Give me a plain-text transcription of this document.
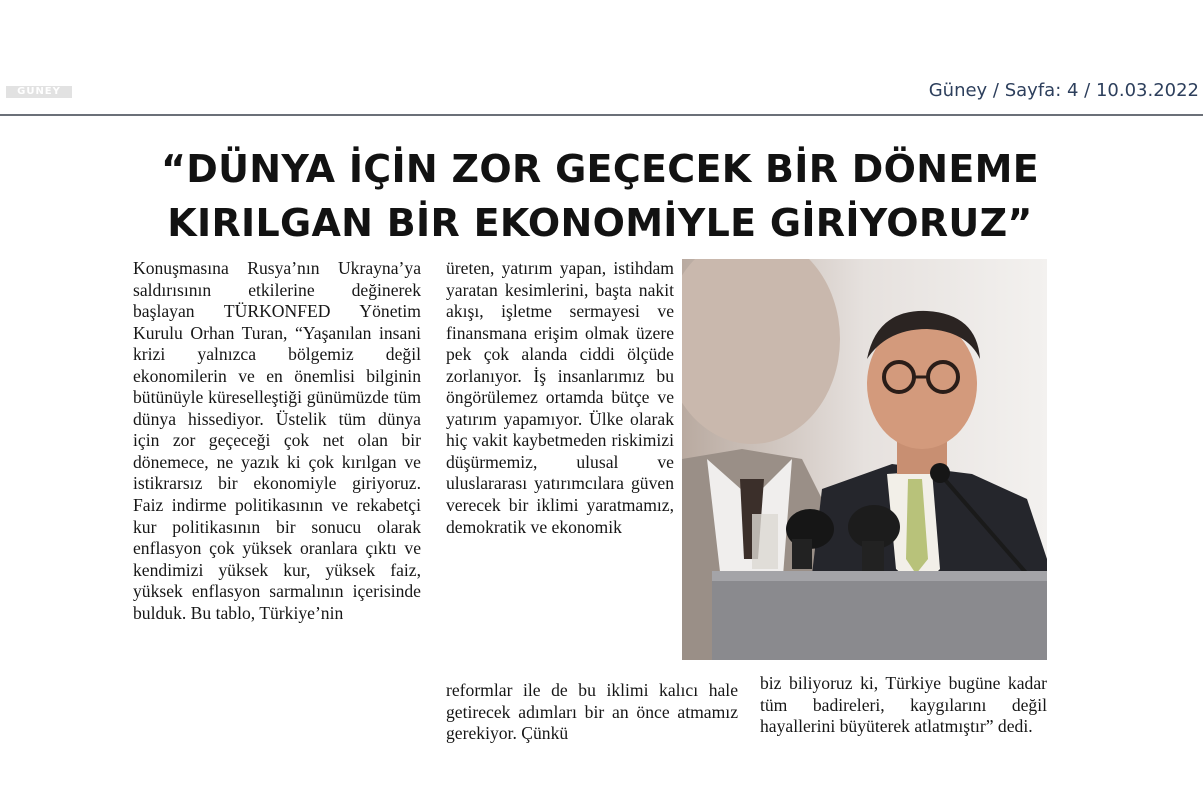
GÜNEY	Güney / Sayfa: 4 / 10.03.2022
“DÜNYA İÇİN ZOR GEÇECEK BİR DÖNEME
KIRILGAN BİR EKONOMİYLE GİRİYORUZ”

Konuşmasına Rusya’nın Ukrayna’ya saldırısının etkilerine değinerek başlayan TÜRKONFED Yönetim Kurulu Orhan Turan, “Yaşanılan insani krizi yalnızca bölgemiz değil ekonomilerin ve en önemlisi bilginin bütünüyle küreselleştiği günümüzde tüm dünya hissediyor. Üstelik tüm dünya için zor geçeceği çok net olan bir dönemece, ne yazık ki çok kırılgan ve istikrarsız bir ekonomiyle giriyoruz. Faiz indirme politikasının ve rekabetçi kur politikasının bir sonucu olarak enflasyon çok yüksek oranlara çıktı ve kendimizi yüksek kur, yüksek faiz, yüksek enflasyon sarmalının içerisinde bulduk. Bu tablo, Türkiye’nin

üreten, yatırım yapan, istihdam yaratan kesimlerini, başta nakit akışı, işletme sermayesi ve finansmana erişim olmak üzere pek çok alanda ciddi ölçüde zorlanıyor. İş insanlarımız bu öngörülemez ortamda bütçe ve yatırım yapamıyor. Ülke olarak hiç vakit kaybetmeden riskimizi düşürmemiz, ulusal ve uluslararası yatırımcılara güven verecek bir iklimi yaratmamız, demokratik ve ekonomik

reformlar ile de bu iklimi kalıcı hale getirecek adımları bir an önce atmamız gerekiyor. Çünkü

biz biliyoruz ki, Türkiye bugüne kadar tüm badireleri, kaygılarını değil hayallerini büyüterek atlatmıştır” dedi.
